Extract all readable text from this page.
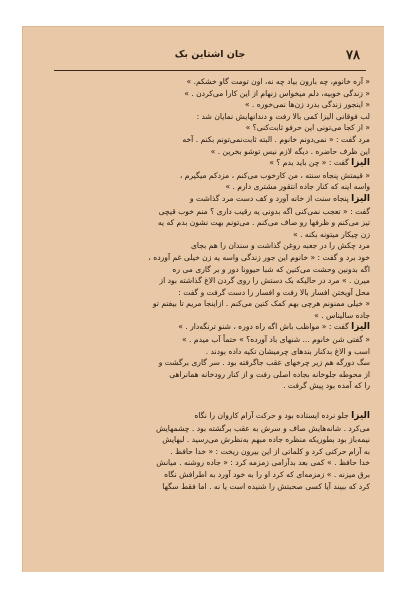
۷۸
جان اشتاین بک
« آره خانوم، چه بارون بیاد چه نه، اون تومت گاو خشکم. »
« زندگی خوبیه، دلم میخواس زنهام از این کارا می‌کردن . »
« اینجور زندگی بدرد زن‌ها نمی‌خوره . »
لب فوقانی الیزا کمی بالا رفت و دندانهایش نمایان شد :
« از کجا می‌تونی این حرفو ثابت‌کنی؟ »
مرد گفت : « نمی‌دونم خانوم . البته ثابت‌نمی‌تونم بکنم . آخه
این ظرف حاضره . دیگه لازم نیس توشو بخرین . »
الیزا گفت : « چن باید بدم ؟ »
« قیمتش پنجاه سنته ، من کارخوب می‌کنم ، مزدکم میگیرم ،
واسه اینه که کنار جاده انتقور مشتری دارم . »
الیزا پنجاه سنت از خانه آورد و کف دست مرد گذاشت و
گفت : « تعجب نمی‌کنی اگه بدونی یه رقیب داری ؟ منم خوب قیچی
تیز می‌کنم و ظرفها رو صاف می‌کنم . می‌تونم بهت نشون بدم که یه
زن چیکار میتونه بکنه . »
مرد چکش را در جعبه روغن گذاشت و سندان را هم بجای
خود برد و گفت : « خانوم این جور زندگی واسه یه زن خیلی غم آورده ،
اگه بدونین وحشت می‌کنین که شبا حیوونا دور و بر گاری می ره
میرن . » مرد در حالیکه بک دستش را روی گردن الاغ گذاشته بود از
محل آویختن افسار بالا رفت و افسار را دست گرفت و گفت :
« خیلی ممنونم هرچی بهم کمک کنین می‌کنم . ازاینجا مریم تا بیفتم تو
جاده سالیناس . »
الیزا گفت : « مواظب باش اگه راه دوره ، شنو ترنگه‌دار . »
« گفتی شن خانوم ... شنهای باد آورده؟ » حتماً آب میدم . »
اسب و الاغ بدکنار بندهای چرمیشان تکیه داده بودند .
سگ‌ دورگه هم زیر چرخهای عقب جاگرفته بود . سر گاری برگشت و
از محوطه جلوخانه بجاده اصلی رفت و از کنار رودخانه همانراهی
را که آمده بود پیش گرفت .
الیزا جلو نرده ایستاده بود و حرکت آرام کاروان را نگاه
می‌کرد . شانه‌هایش صاف و سرش به عقب برگشته بود . چشمهایش
نیمه‌باز بود بطوریکه منظره جاده مبهم به‌نظرش می‌رسید . لبهایش
به آرام حرکتی کرد و کلماتی از این بیرون ریخت : « خدا حافظ .
خدا حافظ . » کمی بعد بدآرامی زمزمه کرد : « جاده روشنه . میانش
برق میزنه . » زمزمه‌ای که کرد او را به خود آورد به اطرافش نگاه
کرد که ببیند آیا کسی صحبتش را شنیده است یا نه . اما فقط سگها
